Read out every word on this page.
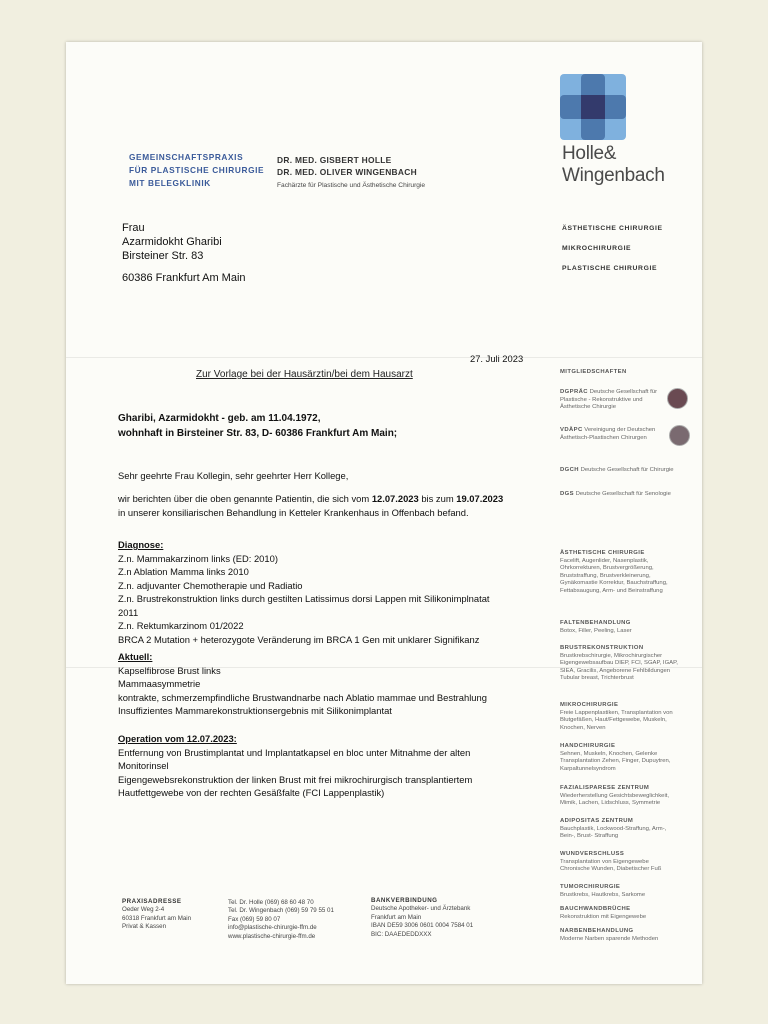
GEMEINSCHAFTSPRAXIS
FÜR PLASTISCHE CHIRURGIE
MIT BELEGKLINIK
DR. MED. GISBERT HOLLE
DR. MED. OLIVER WINGENBACH
Fachärzte für Plastische und Ästhetische Chirurgie
Holle&
Wingenbach
ÄSTHETISCHE CHIRURGIE
MIKROCHIRURGIE
PLASTISCHE CHIRURGIE
Frau
Azarmidokht Gharibi
Birsteiner Str. 83
60386 Frankfurt Am Main
27. Juli 2023
Zur Vorlage bei der Hausärztin/bei dem Hausarzt
Gharibi, Azarmidokht - geb. am 11.04.1972,
wohnhaft in Birsteiner Str. 83, D- 60386 Frankfurt Am Main;
Sehr geehrte Frau Kollegin, sehr geehrter Herr Kollege,
wir berichten über die oben genannte Patientin, die sich vom 12.07.2023 bis zum 19.07.2023
in unserer konsiliarischen Behandlung in Ketteler Krankenhaus in Offenbach befand.
Diagnose:
Z.n. Mammakarzinom links (ED: 2010)
Z.n Ablation Mamma links 2010
Z.n. adjuvanter Chemotherapie und Radiatio
Z.n. Brustrekonstruktion links durch gestilten Latissimus dorsi Lappen mit Silikonimplnatat
2011
Z.n. Rektumkarzinom 01/2022
BRCA 2 Mutation + heterozygote Veränderung im BRCA 1 Gen mit unklarer Signifikanz
Aktuell:
Kapselfibrose Brust links
Mammaasymmetrie
kontrakte, schmerzempfindliche Brustwandnarbe nach Ablatio mammae und Bestrahlung
Insuffizientes Mammarekonstruktionsergebnis mit Silikonimplantat
Operation vom 12.07.2023:
Entfernung von Brustimplantat und Implantatkapsel en bloc unter Mitnahme der alten
Monitorinsel
Eigengewebsrekonstruktion der linken Brust mit frei mikrochirurgisch transplantiertem
Hautfettgewebe von der rechten Gesäßfalte (FCI Lappenplastik)
MITGLIEDSCHAFTEN
DGPRÄC Deutsche Gesellschaft für Plastische - Rekonstruktive und Ästhetische Chirurgie
VDÄPC Vereinigung der Deutschen Ästhetisch-Plastischen Chirurgen
DGCH Deutsche Gesellschaft für Chirurgie
DGS Deutsche Gesellschaft für Senologie
ÄSTHETISCHE CHIRURGIE
Facelift, Augenlider, Nasenplastik, Ohrkorrekturen, Brustvergrößerung, Bruststraffung, Brustverkleinerung, Gynäkomastie Korrektur, Bauchstraffung, Fettabsaugung, Arm- und Beinstraffung
FALTENBEHANDLUNG
Botox, Filler, Peeling, Laser
BRUSTREKONSTRUKTION
Brustkrebschirurgie, Mikrochirurgischer Eigengewebsaufbau DIEP, FCI, SGAP, IGAP, SIEA, Gracilis, Angeborene Fehlbildungen Tubular breast, Trichterbrust
MIKROCHIRURGIE
Freie Lappenplastiken, Transplantation von Blutgefäßen, Haut/Fettgewebe, Muskeln, Knochen, Nerven
HANDCHIRURGIE
Sehnen, Muskeln, Knochen, Gelenke Transplantation Zehen, Finger, Dupuytren, Karpaltunnelsyndrom
FAZIALISPARESE ZENTRUM
Wiederherstellung Gesichtsbeweglichkeit, Mimik, Lachen, Lidschluss, Symmetrie
ADIPOSITAS ZENTRUM
Bauchplastik, Lockwood-Straffung, Arm-, Bein-, Brust- Straffung
WUNDVERSCHLUSS
Transplantation von Eigengewebe Chronische Wunden, Diabetischer Fuß
TUMORCHIRURGIE
Brustkrebs, Hautkrebs, Sarkome
BAUCHWANDBRÜCHE
Rekonstruktion mit Eigengewebe
NARBENBEHANDLUNG
Moderne Narben sparende Methoden
PRAXISADRESSE
Oeder Weg 2-4
60318 Frankfurt am Main
Privat & Kassen
Tel. Dr. Holle (069) 68 60 48 70
Tel. Dr. Wingenbach (069) 59 79 55 01
Fax (069) 59 80 07
info@plastische-chirurgie-ffm.de
www.plastische-chirurgie-ffm.de
BANKVERBINDUNG
Deutsche Apotheker- und Ärztebank
Frankfurt am Main
IBAN DE59 3006 0601 0004 7584 01
BIC: DAAEDEDDXXX
